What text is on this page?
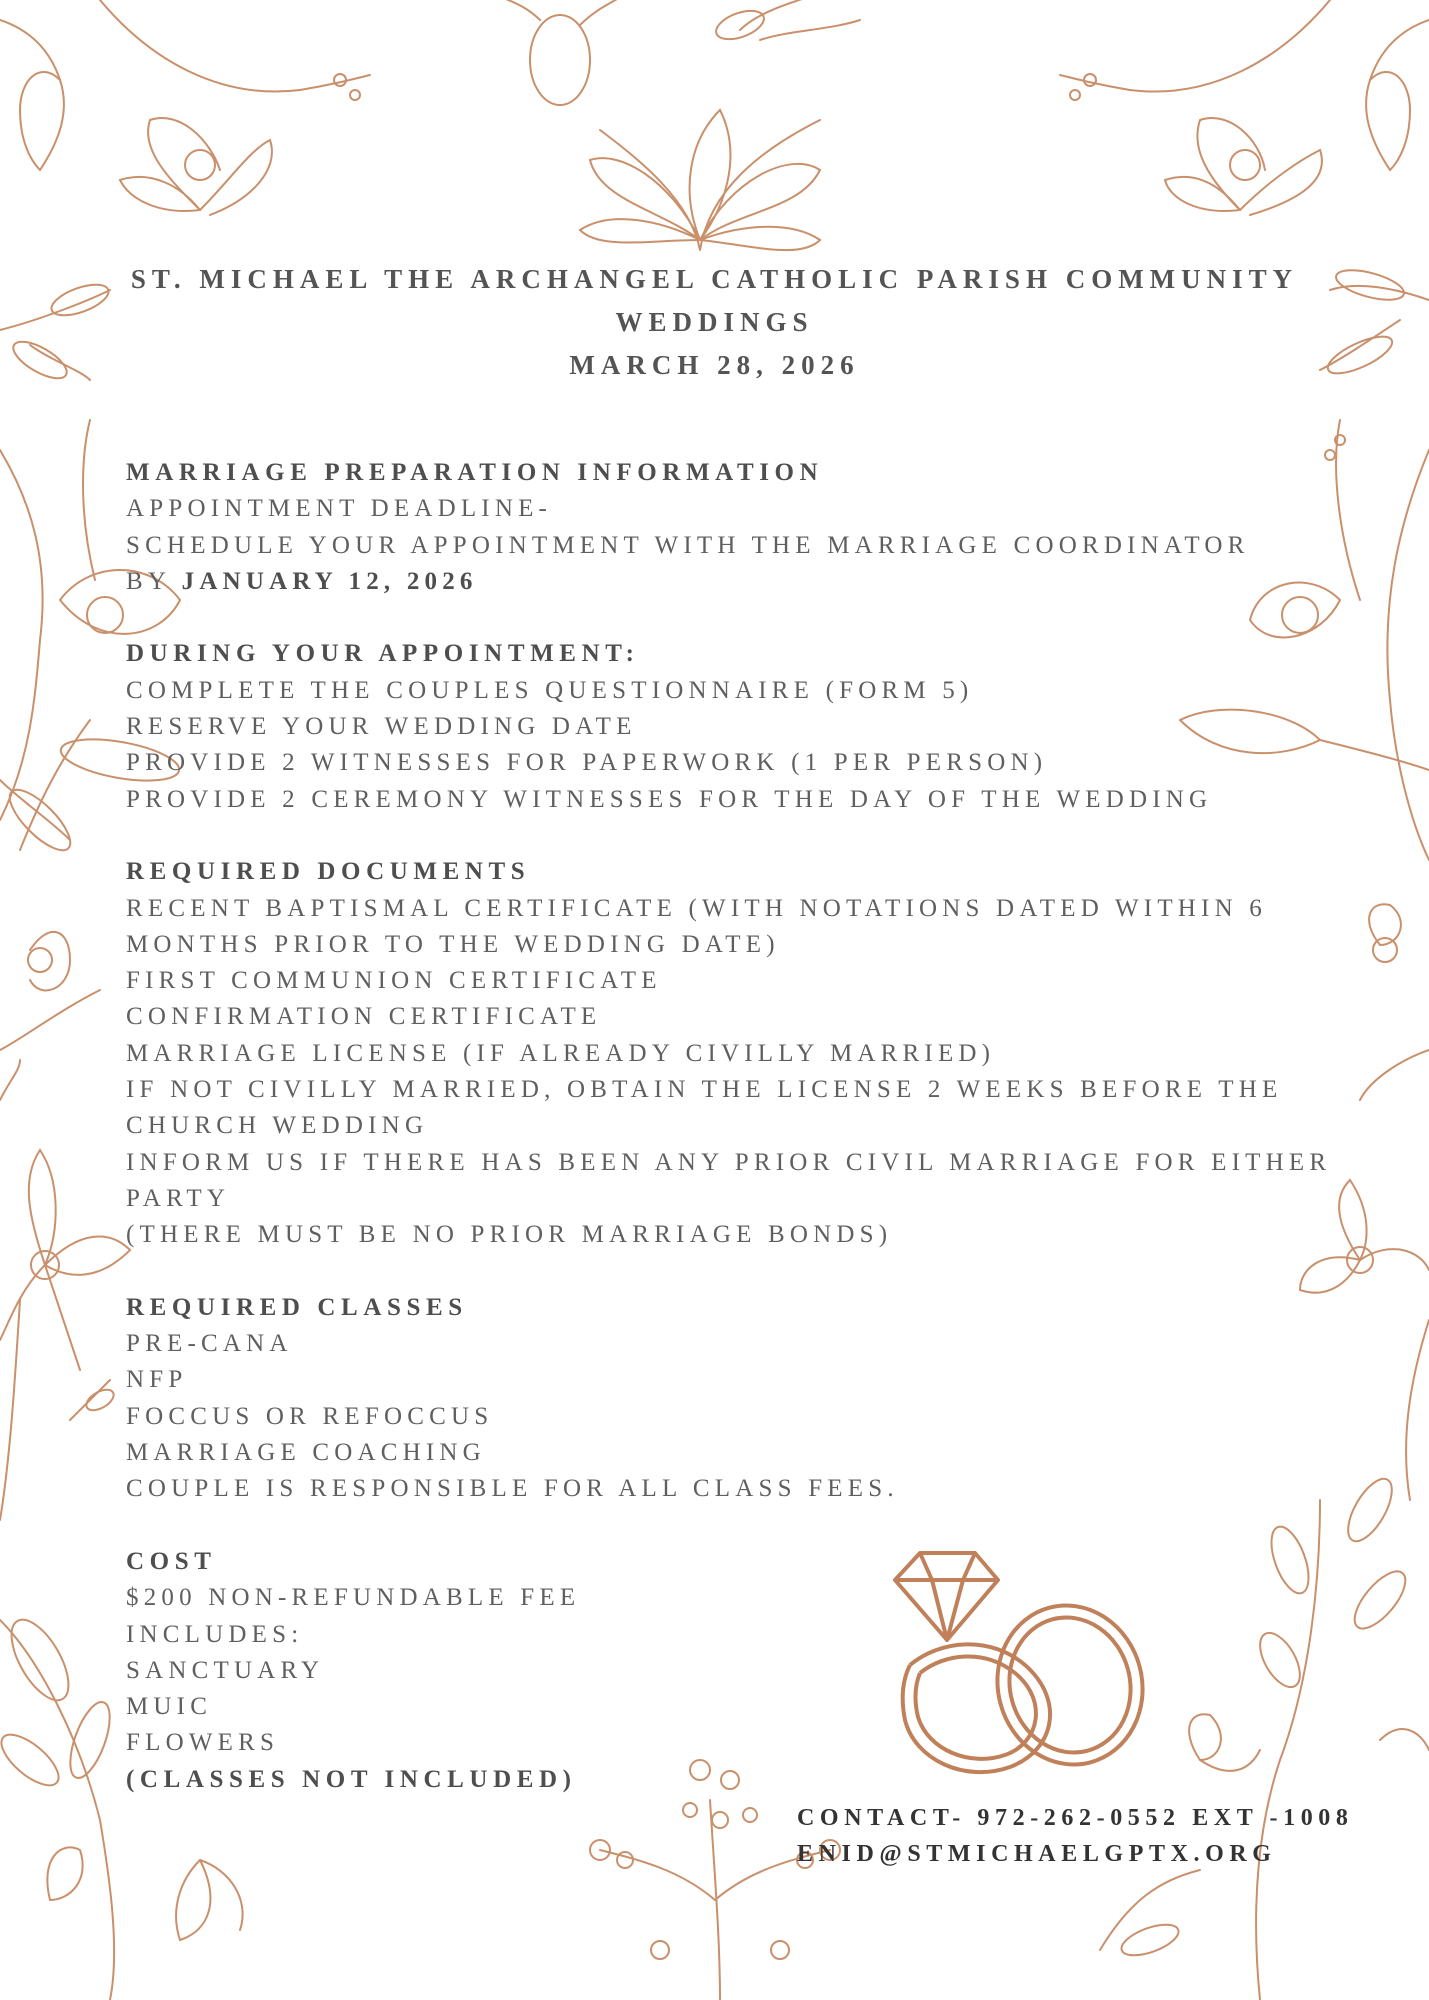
ST. MICHAEL THE ARCHANGEL CATHOLIC PARISH COMMUNITY
WEDDINGS
MARCH 28, 2026
MARRIAGE PREPARATION INFORMATION
APPOINTMENT DEADLINE-
SCHEDULE YOUR APPOINTMENT WITH THE MARRIAGE COORDINATOR
BY JANUARY 12, 2026
DURING YOUR APPOINTMENT:
COMPLETE THE COUPLES QUESTIONNAIRE (FORM 5)
RESERVE YOUR WEDDING DATE
PROVIDE 2 WITNESSES FOR PAPERWORK (1 PER PERSON)
PROVIDE 2 CEREMONY WITNESSES FOR THE DAY OF THE WEDDING
REQUIRED DOCUMENTS
RECENT BAPTISMAL CERTIFICATE (WITH NOTATIONS DATED WITHIN 6
MONTHS PRIOR TO THE WEDDING DATE)
FIRST COMMUNION CERTIFICATE
CONFIRMATION CERTIFICATE
MARRIAGE LICENSE (IF ALREADY CIVILLY MARRIED)
IF NOT CIVILLY MARRIED, OBTAIN THE LICENSE 2 WEEKS BEFORE THE
CHURCH WEDDING
INFORM US IF THERE HAS BEEN ANY PRIOR CIVIL MARRIAGE FOR EITHER
PARTY
(THERE MUST BE NO PRIOR MARRIAGE BONDS)
REQUIRED CLASSES
PRE-CANA
NFP
FOCCUS OR REFOCCUS
MARRIAGE COACHING
COUPLE IS RESPONSIBLE FOR ALL CLASS FEES.
COST
$200 NON-REFUNDABLE FEE
INCLUDES:
SANCTUARY
MUIC
FLOWERS
(CLASSES NOT INCLUDED)
CONTACT- 972-262-0552 EXT -1008
ENID@STMICHAELGPTX.ORG
